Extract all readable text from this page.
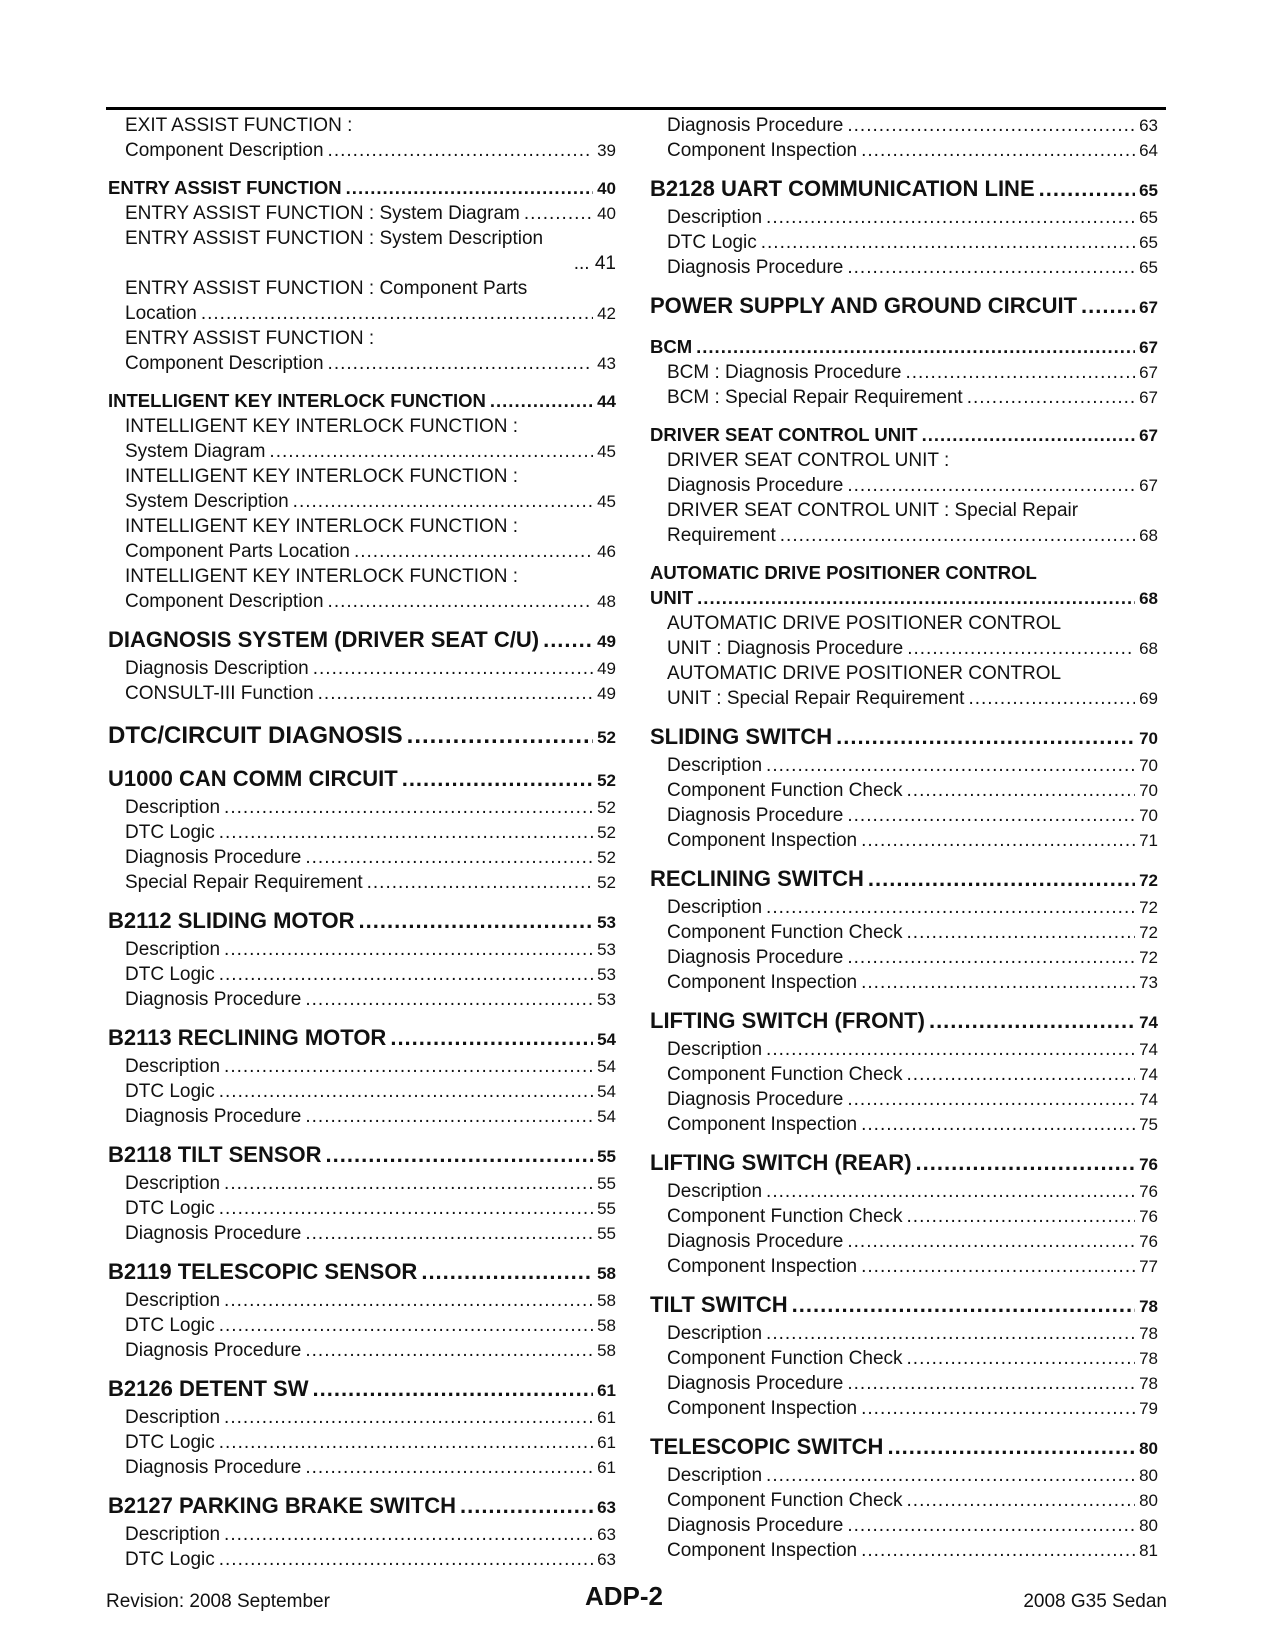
EXIT ASSIST FUNCTION :
Component Description .....	39
ENTRY ASSIST FUNCTION .....	40
ENTRY ASSIST FUNCTION : System Diagram .....	40
ENTRY ASSIST FUNCTION : System Description
... 41
ENTRY ASSIST FUNCTION : Component Parts
Location .....	42
ENTRY ASSIST FUNCTION :
Component Description .....	43
INTELLIGENT KEY INTERLOCK FUNCTION .....	44
INTELLIGENT KEY INTERLOCK FUNCTION :
System Diagram .....	45
INTELLIGENT KEY INTERLOCK FUNCTION :
System Description .....	45
INTELLIGENT KEY INTERLOCK FUNCTION :
Component Parts Location .....	46
INTELLIGENT KEY INTERLOCK FUNCTION :
Component Description .....	48
DIAGNOSIS SYSTEM (DRIVER SEAT C/U) .....	49
Diagnosis Description .....	49
CONSULT-III Function .....	49
DTC/CIRCUIT DIAGNOSIS .....	52
U1000 CAN COMM CIRCUIT .....	52
Description .....	52
DTC Logic .....	52
Diagnosis Procedure .....	52
Special Repair Requirement .....	52
B2112 SLIDING MOTOR .....	53
Description .....	53
DTC Logic .....	53
Diagnosis Procedure .....	53
B2113 RECLINING MOTOR .....	54
Description .....	54
DTC Logic .....	54
Diagnosis Procedure .....	54
B2118 TILT SENSOR .....	55
Description .....	55
DTC Logic .....	55
Diagnosis Procedure .....	55
B2119 TELESCOPIC SENSOR .....	58
Description .....	58
DTC Logic .....	58
Diagnosis Procedure .....	58
B2126 DETENT SW .....	61
Description .....	61
DTC Logic .....	61
Diagnosis Procedure .....	61
B2127 PARKING BRAKE SWITCH .....	63
Description .....	63
DTC Logic .....	63
Diagnosis Procedure .....	63
Component Inspection .....	64
B2128 UART COMMUNICATION LINE .....	65
Description .....	65
DTC Logic .....	65
Diagnosis Procedure .....	65
POWER SUPPLY AND GROUND CIRCUIT .....	67
BCM .....	67
BCM : Diagnosis Procedure .....	67
BCM : Special Repair Requirement .....	67
DRIVER SEAT CONTROL UNIT .....	67
DRIVER SEAT CONTROL UNIT :
Diagnosis Procedure .....	67
DRIVER SEAT CONTROL UNIT : Special Repair
Requirement .....	68
AUTOMATIC DRIVE POSITIONER CONTROL
UNIT .....	68
AUTOMATIC DRIVE POSITIONER CONTROL
UNIT : Diagnosis Procedure .....	68
AUTOMATIC DRIVE POSITIONER CONTROL
UNIT : Special Repair Requirement .....	69
SLIDING SWITCH .....	70
Description .....	70
Component Function Check .....	70
Diagnosis Procedure .....	70
Component Inspection .....	71
RECLINING SWITCH .....	72
Description .....	72
Component Function Check .....	72
Diagnosis Procedure .....	72
Component Inspection .....	73
LIFTING SWITCH (FRONT) .....	74
Description .....	74
Component Function Check .....	74
Diagnosis Procedure .....	74
Component Inspection .....	75
LIFTING SWITCH (REAR) .....	76
Description .....	76
Component Function Check .....	76
Diagnosis Procedure .....	76
Component Inspection .....	77
TILT SWITCH .....	78
Description .....	78
Component Function Check .....	78
Diagnosis Procedure .....	78
Component Inspection .....	79
TELESCOPIC SWITCH .....	80
Description .....	80
Component Function Check .....	80
Diagnosis Procedure .....	80
Component Inspection .....	81
Revision: 2008 September	ADP-2	2008 G35 Sedan
